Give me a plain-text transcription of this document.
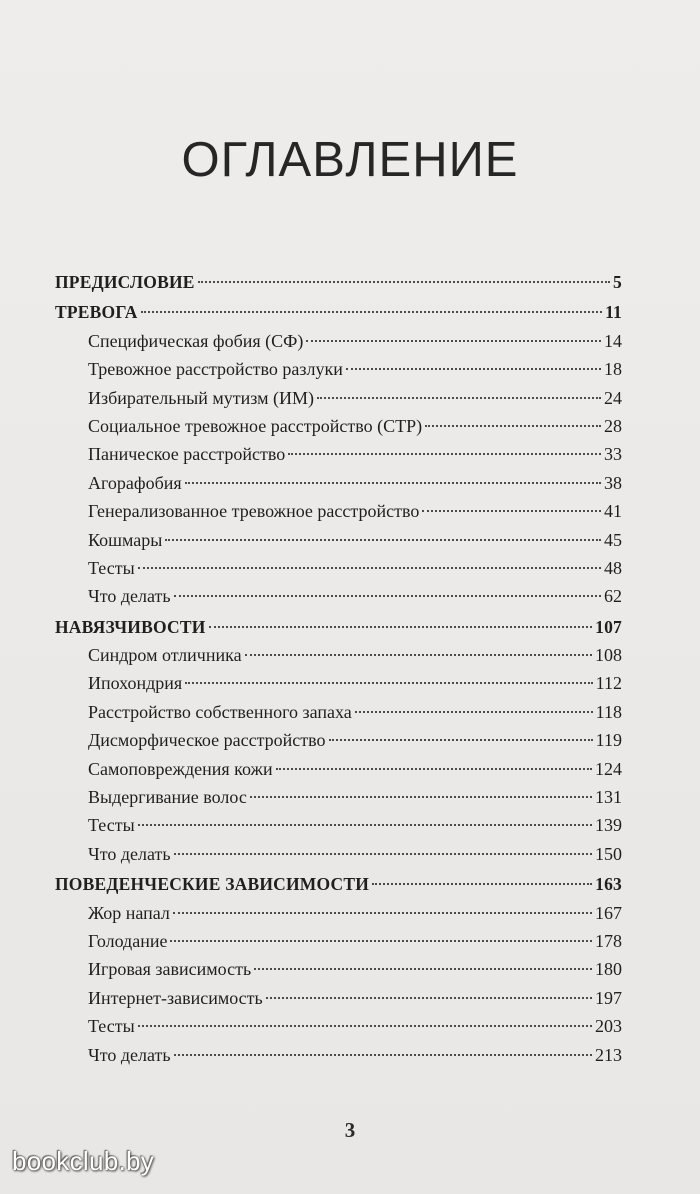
ОГЛАВЛЕНИЕ
ПРЕДИСЛОВИЕ	5
ТРЕВОГА	11
Специфическая фобия (СФ)	14
Тревожное расстройство разлуки	18
Избирательный мутизм (ИМ)	24
Социальное тревожное расстройство (СТР)	28
Паническое расстройство	33
Агорафобия	38
Генерализованное тревожное расстройство	41
Кошмары	45
Тесты	48
Что делать	62
НАВЯЗЧИВОСТИ	107
Синдром отличника	108
Ипохондрия	112
Расстройство собственного запаха	118
Дисморфическое расстройство	119
Самоповреждения кожи	124
Выдергивание волос	131
Тесты	139
Что делать	150
ПОВЕДЕНЧЕСКИЕ ЗАВИСИМОСТИ	163
Жор напал	167
Голодание	178
Игровая зависимость	180
Интернет-зависимость	197
Тесты	203
Что делать	213
3
bookclub.by
